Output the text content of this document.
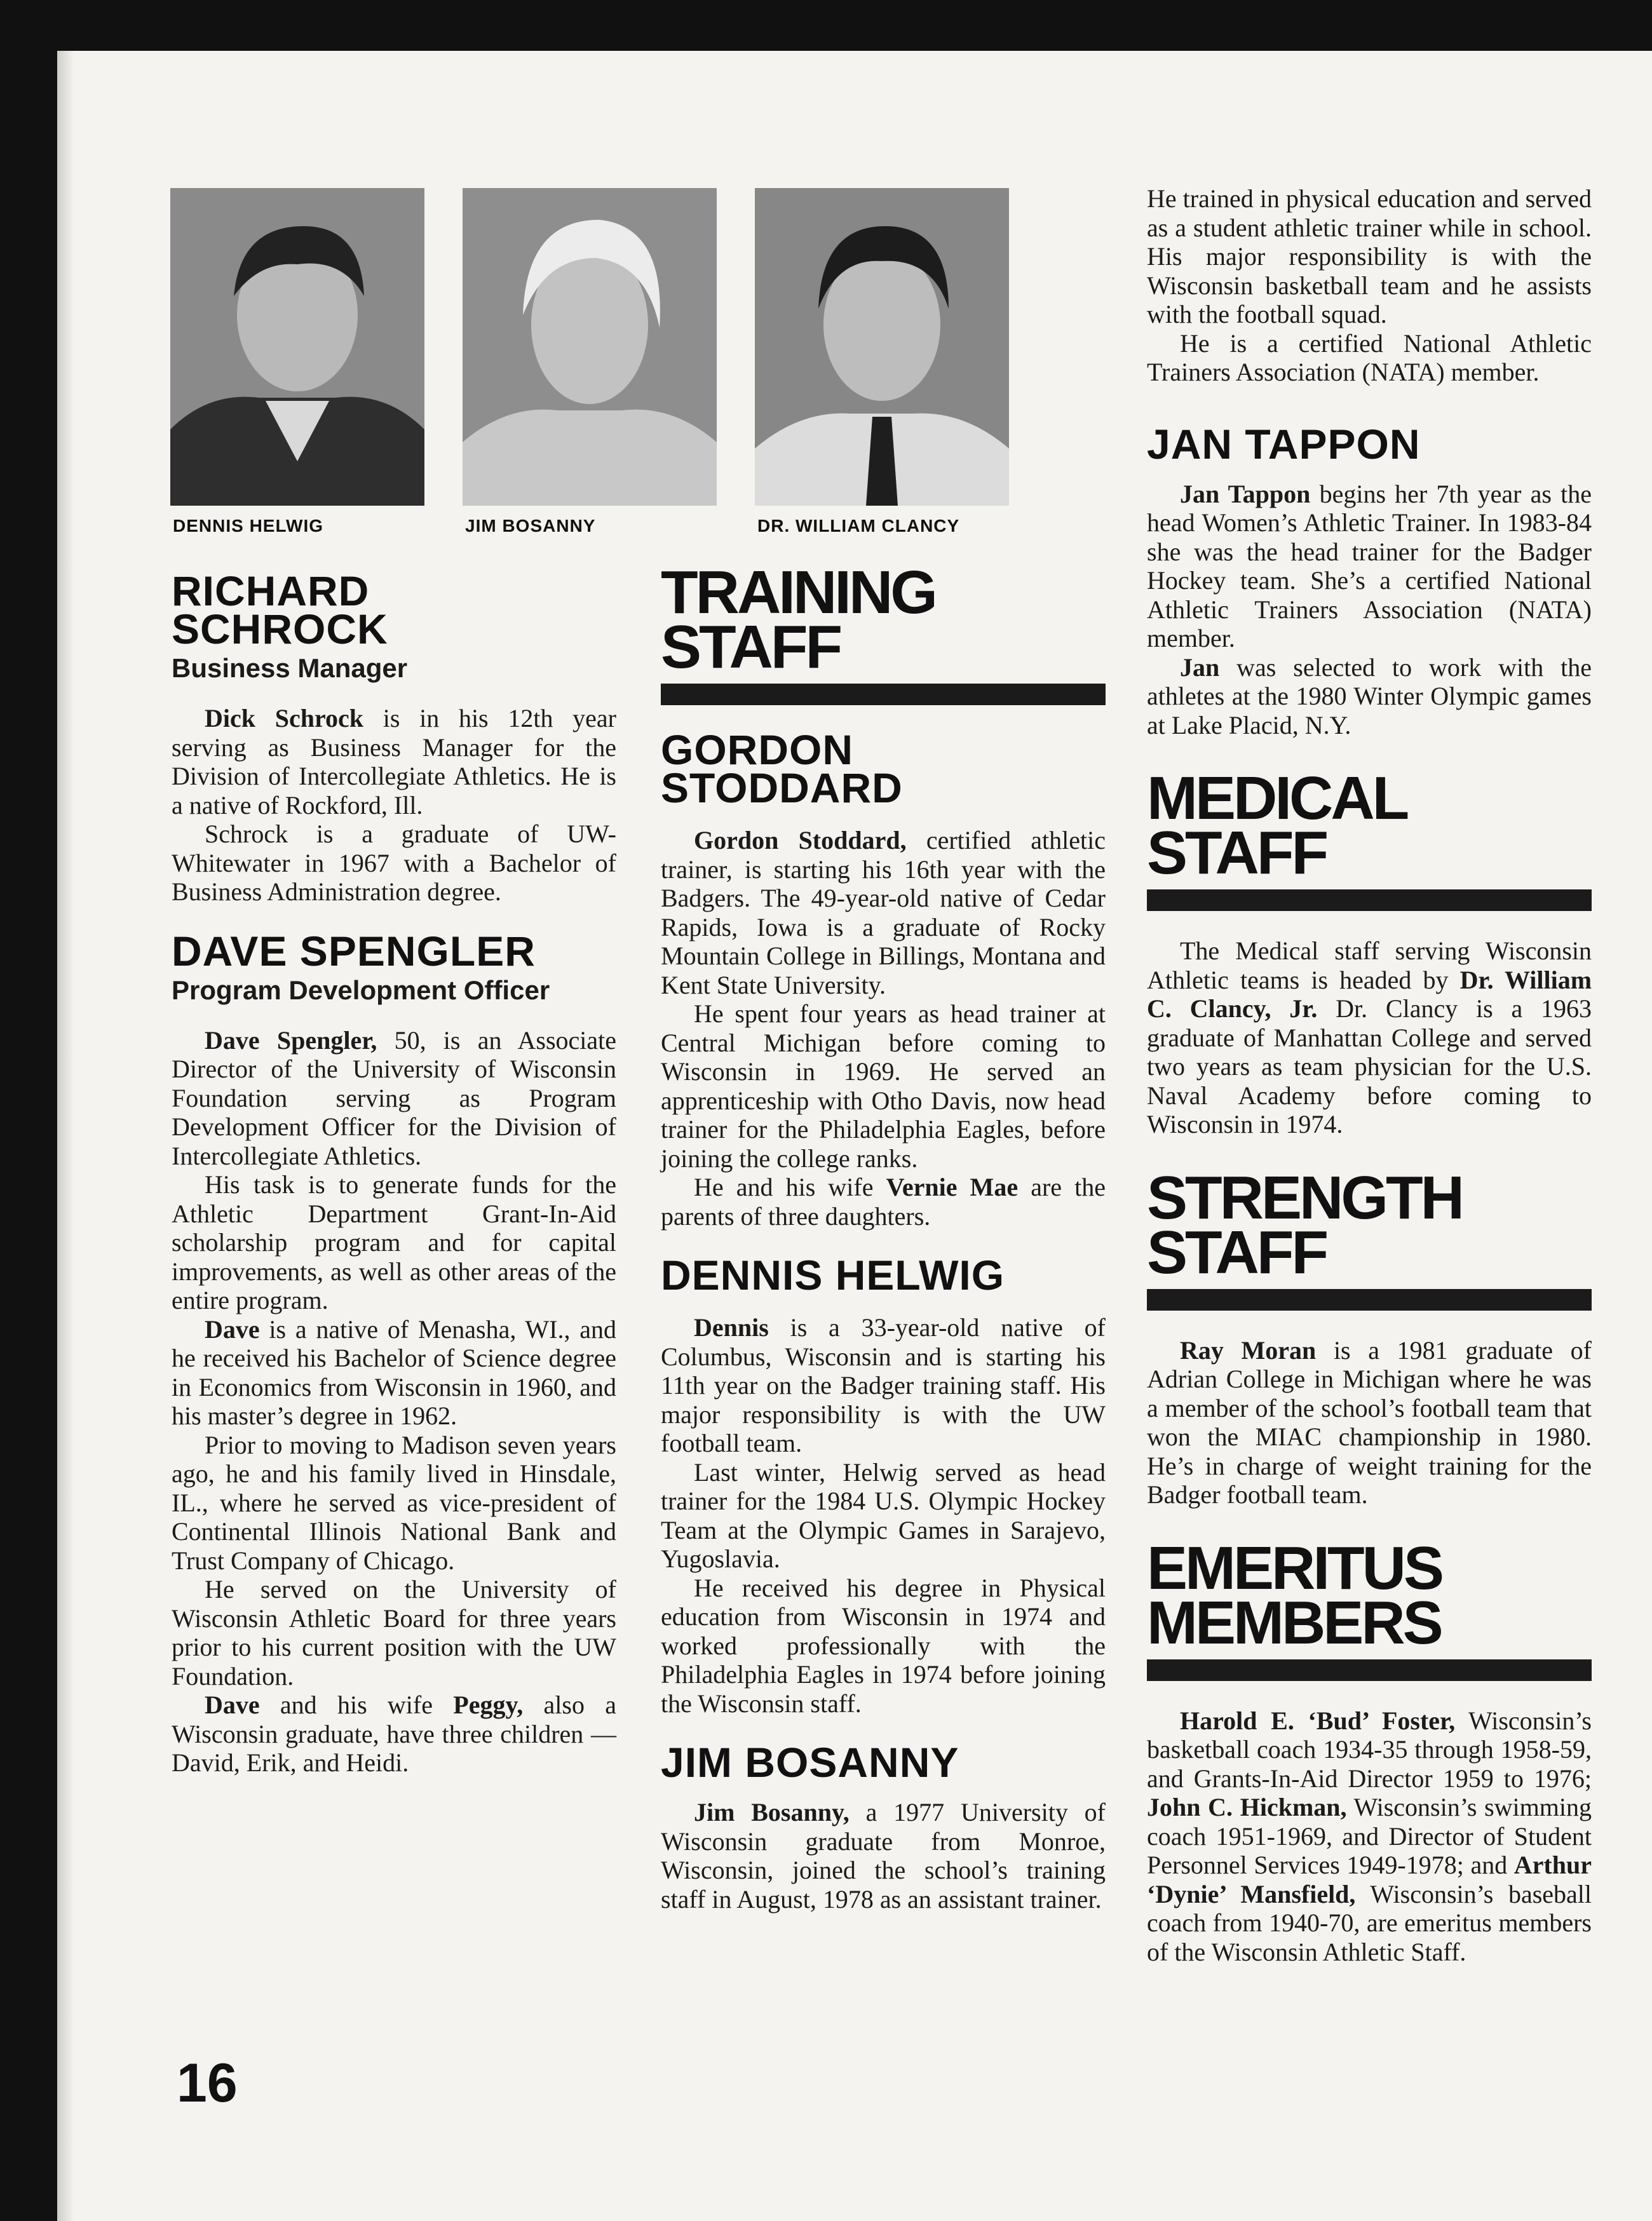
DENNIS HELWIG	JIM BOSANNY	DR. WILLIAM CLANCY
RICHARD
SCHROCK
Business Manager

Dick Schrock is in his 12th year serving as Business Manager for the Division of Intercollegiate Athletics. He is a native of Rockford, Ill.

Schrock is a graduate of UW-Whitewater in 1967 with a Bachelor of Business Administration degree.

DAVE SPENGLER
Program Development Officer

Dave Spengler, 50, is an Associate Director of the University of Wisconsin Foundation serving as Program Development Officer for the Division of Intercollegiate Athletics.

His task is to generate funds for the Athletic Department Grant-In-Aid scholarship program and for capital improvements, as well as other areas of the entire program.

Dave is a native of Menasha, WI., and he received his Bachelor of Science degree in Economics from Wisconsin in 1960, and his master’s degree in 1962.

Prior to moving to Madison seven years ago, he and his family lived in Hinsdale, IL., where he served as vice-president of Continental Illinois National Bank and Trust Company of Chicago.

He served on the University of Wisconsin Athletic Board for three years prior to his current position with the UW Foundation.

Dave and his wife Peggy, also a Wisconsin graduate, have three children — David, Erik, and Heidi.

TRAINING
STAFF
GORDON
STODDARD

Gordon Stoddard, certified athletic trainer, is starting his 16th year with the Badgers. The 49-year-old native of Cedar Rapids, Iowa is a graduate of Rocky Mountain College in Billings, Montana and Kent State University.

He spent four years as head trainer at Central Michigan before coming to Wisconsin in 1969. He served an apprenticeship with Otho Davis, now head trainer for the Philadelphia Eagles, before joining the college ranks.

He and his wife Vernie Mae are the parents of three daughters.

DENNIS HELWIG

Dennis is a 33-year-old native of Columbus, Wisconsin and is starting his 11th year on the Badger training staff. His major responsibility is with the UW football team.

Last winter, Helwig served as head trainer for the 1984 U.S. Olympic Hockey Team at the Olympic Games in Sarajevo, Yugoslavia.

He received his degree in Physical education from Wisconsin in 1974 and worked professionally with the Philadelphia Eagles in 1974 before joining the Wisconsin staff.

JIM BOSANNY

Jim Bosanny, a 1977 University of Wisconsin graduate from Monroe, Wisconsin, joined the school’s training staff in August, 1978 as an assistant trainer.

He trained in physical education and served as a student athletic trainer while in school. His major responsibility is with the Wisconsin basketball team and he assists with the football squad.

He is a certified National Athletic Trainers Association (NATA) member.

JAN TAPPON

Jan Tappon begins her 7th year as the head Women’s Athletic Trainer. In 1983-84 she was the head trainer for the Badger Hockey team. She’s a certified National Athletic Trainers Association (NATA) member.

Jan was selected to work with the athletes at the 1980 Winter Olympic games at Lake Placid, N.Y.

MEDICAL STAFF

The Medical staff serving Wisconsin Athletic teams is headed by Dr. William C. Clancy, Jr. Dr. Clancy is a 1963 graduate of Manhattan College and served two years as team physician for the U.S. Naval Academy before coming to Wisconsin in 1974.

STRENGTH
STAFF

Ray Moran is a 1981 graduate of Adrian College in Michigan where he was a member of the school’s football team that won the MIAC championship in 1980. He’s in charge of weight training for the Badger football team.

EMERITUS
MEMBERS

Harold E. ‘Bud’ Foster, Wisconsin’s basketball coach 1934-35 through 1958-59, and Grants-In-Aid Director 1959 to 1976; John C. Hickman, Wisconsin’s swimming coach 1951-1969, and Director of Student Personnel Services 1949-1978; and Arthur ‘Dynie’ Mansfield, Wisconsin’s baseball coach from 1940-70, are emeritus members of the Wisconsin Athletic Staff.

16
